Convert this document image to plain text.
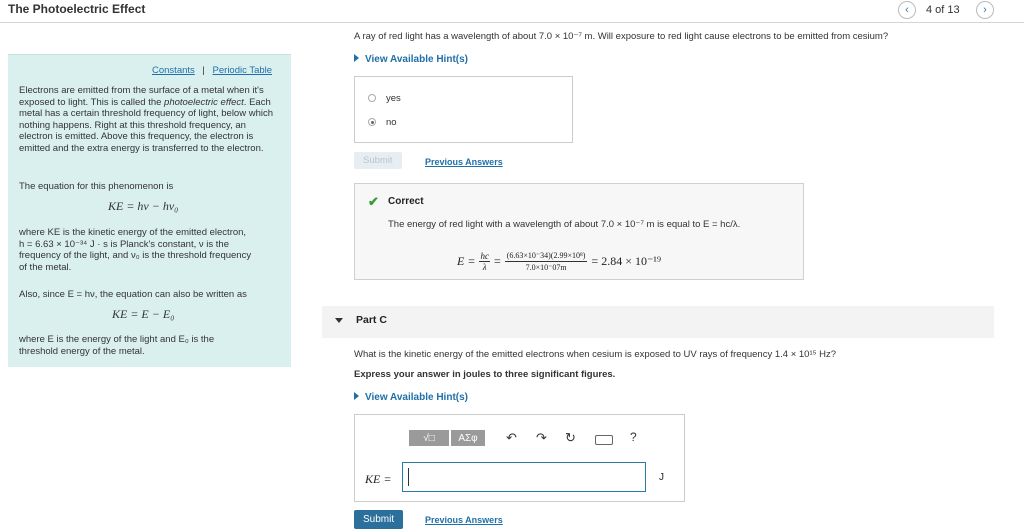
The Photoelectric Effect	‹	4 of 13	›
Constants | Periodic Table
Electrons are emitted from the surface of a metal when it's exposed to light. This is called the photoelectric effect. Each metal has a certain threshold frequency of light, below which nothing happens. Right at this threshold frequency, an electron is emitted. Above this frequency, the electron is emitted and the extra energy is transferred to the electron.
The equation for this phenomenon is
KE = hν − hν₀
where KE is the kinetic energy of the emitted electron,
h = 6.63 × 10⁻³⁴ J · s is Planck's constant, ν is the
frequency of the light, and ν₀ is the threshold frequency
of the metal.
Also, since E = hν, the equation can also be written as
KE = E − E₀
where E is the energy of the light and E₀ is the
threshold energy of the metal.
A ray of red light has a wavelength of about 7.0 × 10⁻⁷ m. Will exposure to red light cause electrons to be emitted from cesium?
View Available Hint(s)
yes
no
Submit	Previous Answers
✔ Correct
The energy of red light with a wavelength of about 7.0 × 10⁻⁷ m is equal to E = hc/λ.
$E = \frac{hc}{\lambda} = \frac{\text{(6.63×10⁻34)(2.99×10⁸)}}{7.0\times 10^-07m} = 2.84 \times 10^{-19}$
Part C
What is the kinetic energy of the emitted electrons when cesium is exposed to UV rays of frequency 1.4 × 10¹⁵ Hz?
Express your answer in joules to three significant figures.
View Available Hint(s)
√□ ΑΣφ ↶ ↷ ↻	?
KE =	J
Submit	Previous Answers
